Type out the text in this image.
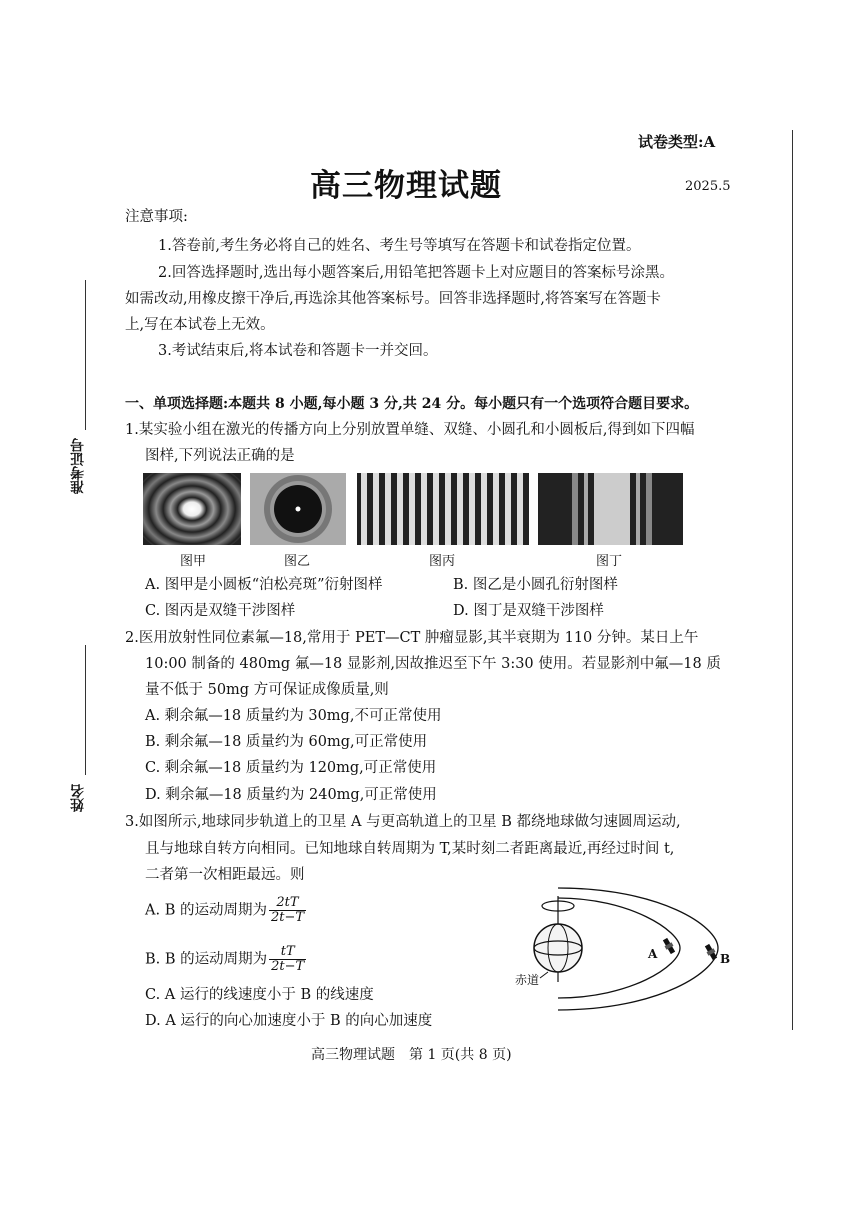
准考证号
姓名
试卷类型:A
高三物理试题	2025.5
注意事项:
1.答卷前,考生务必将自己的姓名、考生号等填写在答题卡和试卷指定位置。
2.回答选择题时,选出每小题答案后,用铅笔把答题卡上对应题目的答案标号涂黑。
如需改动,用橡皮擦干净后,再选涂其他答案标号。回答非选择题时,将答案写在答题卡
上,写在本试卷上无效。
3.考试结束后,将本试卷和答题卡一并交回。
一、单项选择题:本题共 8 小题,每小题 3 分,共 24 分。每小题只有一个选项符合题目要求。
1.某实验小组在激光的传播方向上分别放置单缝、双缝、小圆孔和小圆板后,得到如下四幅
图样,下列说法正确的是
图甲	图乙	图丙	图丁
A. 图甲是小圆板“泊松亮斑”衍射图样	B. 图乙是小圆孔衍射图样
C. 图丙是双缝干涉图样	D. 图丁是双缝干涉图样
2.医用放射性同位素氟—18,常用于 PET—CT 肿瘤显影,其半衰期为 110 分钟。某日上午
10:00 制备的 480mg 氟—18 显影剂,因故推迟至下午 3:30 使用。若显影剂中氟—18 质
量不低于 50mg 方可保证成像质量,则
A. 剩余氟—18 质量约为 30mg,不可正常使用
B. 剩余氟—18 质量约为 60mg,可正常使用
C. 剩余氟—18 质量约为 120mg,可正常使用
D. 剩余氟—18 质量约为 240mg,可正常使用
3.如图所示,地球同步轨道上的卫星 A 与更高轨道上的卫星 B 都绕地球做匀速圆周运动,
且与地球自转方向相同。已知地球自转周期为 T,某时刻二者距离最近,再经过时间 t,
二者第一次相距最远。则
A. B 的运动周期为 $\frac{2tT}{2t-T}$
B. B 的运动周期为 $\frac{tT}{2t-T}$
C. A 运行的线速度小于 B 的线速度
D. A 运行的向心加速度小于 B 的向心加速度
赤道
A	B
高三物理试题　第 1 页(共 8 页)
